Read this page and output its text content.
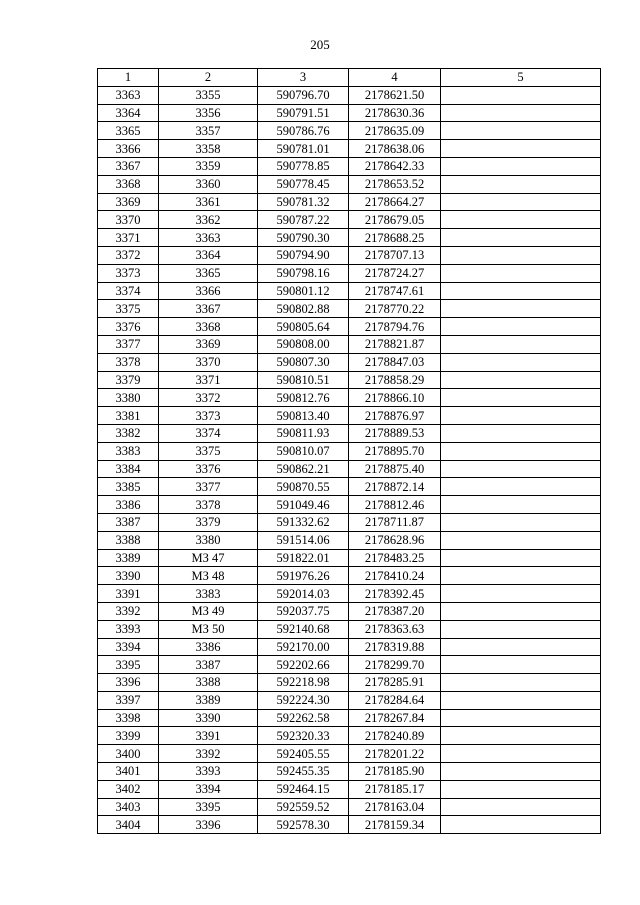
205
1	2	3	4	5
3363	3355	590796.70	2178621.50	
3364	3356	590791.51	2178630.36	
3365	3357	590786.76	2178635.09	
3366	3358	590781.01	2178638.06	
3367	3359	590778.85	2178642.33	
3368	3360	590778.45	2178653.52	
3369	3361	590781.32	2178664.27	
3370	3362	590787.22	2178679.05	
3371	3363	590790.30	2178688.25	
3372	3364	590794.90	2178707.13	
3373	3365	590798.16	2178724.27	
3374	3366	590801.12	2178747.61	
3375	3367	590802.88	2178770.22	
3376	3368	590805.64	2178794.76	
3377	3369	590808.00	2178821.87	
3378	3370	590807.30	2178847.03	
3379	3371	590810.51	2178858.29	
3380	3372	590812.76	2178866.10	
3381	3373	590813.40	2178876.97	
3382	3374	590811.93	2178889.53	
3383	3375	590810.07	2178895.70	
3384	3376	590862.21	2178875.40	
3385	3377	590870.55	2178872.14	
3386	3378	591049.46	2178812.46	
3387	3379	591332.62	2178711.87	
3388	3380	591514.06	2178628.96	
3389	МЗ 47	591822.01	2178483.25	
3390	МЗ 48	591976.26	2178410.24	
3391	3383	592014.03	2178392.45	
3392	МЗ 49	592037.75	2178387.20	
3393	МЗ 50	592140.68	2178363.63	
3394	3386	592170.00	2178319.88	
3395	3387	592202.66	2178299.70	
3396	3388	592218.98	2178285.91	
3397	3389	592224.30	2178284.64	
3398	3390	592262.58	2178267.84	
3399	3391	592320.33	2178240.89	
3400	3392	592405.55	2178201.22	
3401	3393	592455.35	2178185.90	
3402	3394	592464.15	2178185.17	
3403	3395	592559.52	2178163.04	
3404	3396	592578.30	2178159.34	
